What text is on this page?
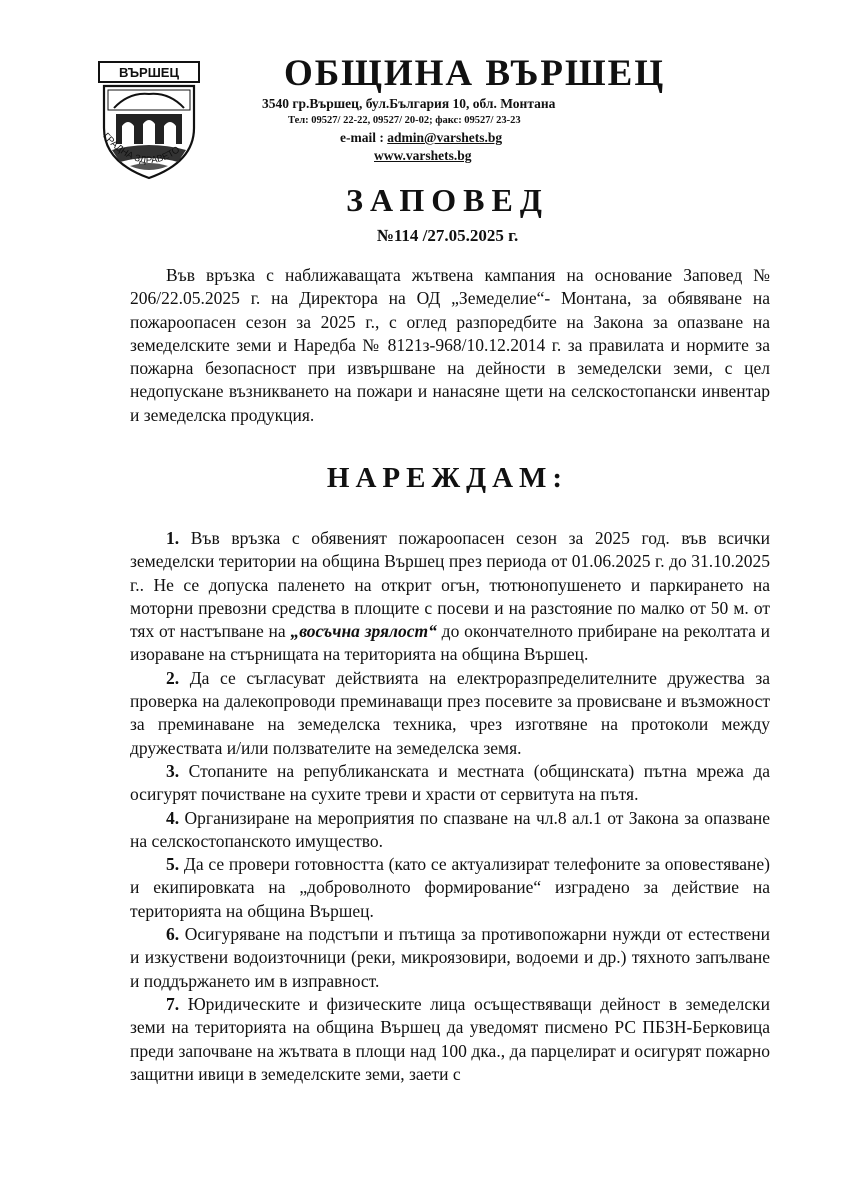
ВЪРШЕЦ
ГРАДНА ЗДРАВЕТО
ОБЩИНА ВЪРШЕЦ

3540 гр.Вършец, бул.България 10, обл. Монтана

Тел: 09527/ 22-22, 09527/ 20-02; факс: 09527/ 23-23

e-mail : admin@varshets.bg

www.varshets.bg

ЗАПОВЕД

№114 /27.05.2025 г.

Във връзка с наближаващата жътвена кампания на основание Заповед № 206/22.05.2025 г. на Директора на ОД „Земеделие“- Монтана, за обявяване на пожароопасен сезон за 2025 г., с оглед разпоредбите на Закона за опазване на земеделските земи и Наредба № 8121з-968/10.12.2014 г. за правилата и нормите за пожарна безопасност при извършване на дейности в земеделски земи, с цел недопускане възникването на пожари и нанасяне щети на селскостопански инвентар и земеделска продукция.

НАРЕЖДАМ:

1. Във връзка с обявеният пожароопасен сезон за 2025 год. във всички земеделски територии на община Вършец през периода от 01.06.2025 г. до 31.10.2025 г.. Не се допуска паленето на открит огън, тютюнопушенето и паркирането на моторни превозни средства в площите с посеви и на разстояние по малко от 50 м. от тях от настъпване на „восъчна зрялост“ до окончателното прибиране на реколтата и изораване на стърнищата на територията на община Вършец.

2. Да се съгласуват действията на електроразпределителните дружества за проверка на далекопроводи преминаващи през посевите за провисване и възможност за преминаване на земеделска техника, чрез изготвяне на протоколи между дружествата и/или ползвателите на земеделска земя.

3. Стопаните на републиканската и местната (общинската) пътна мрежа да осигурят почистване на сухите треви и храсти от сервитута на пътя.

4. Организиране на мероприятия по спазване на чл.8 ал.1 от Закона за опазване на селскостопанското имущество.

5. Да се провери готовността (като се актуализират телефоните за оповестяване) и екипировката на „доброволното формирование“ изградено за действие на територията на община Вършец.

6. Осигуряване на подстъпи и пътища за противопожарни нужди от естествени и изкуствени водоизточници (реки, микроязовири, водоеми и др.) тяхното запълване и поддържането им в изправност.

7. Юридическите и физическите лица осъществяващи дейност в земеделски земи на територията на община Вършец да уведомят писмено РС ПБЗН-Берковица преди започване на жътвата в площи над 100 дка., да парцелират и осигурят пожарно защитни ивици в земеделските земи, заети с
